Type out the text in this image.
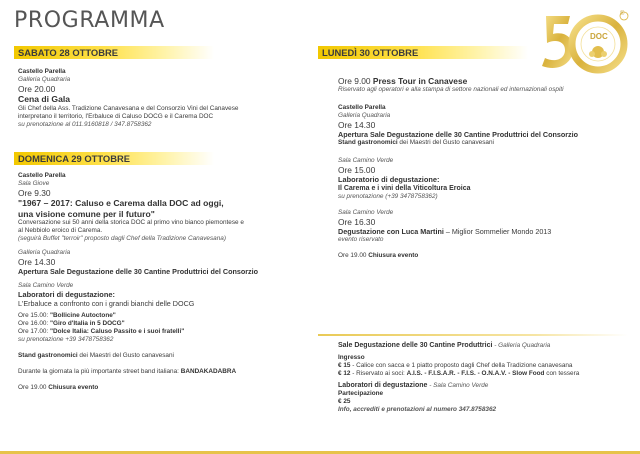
PROGRAMMA
DOC
®
SABATO 28 OTTOBRE
Castello Parella
Galleria Quadraria
Ore 20.00
Cena di Gala
Gli Chef della Ass. Tradizione Canavesana e del Consorzio Vini del Canavese
interpretano il territorio, l'Erbaluce di Caluso DOCG e il Carema DOC
su prenotazione al 011.9160818 / 347.8758362
DOMENICA 29 OTTOBRE
Castello Parella
Sala Giove
Ore 9.30
"1967 – 2017: Caluso e Carema dalla DOC ad oggi,
una visione comune per il futuro"
Conversazione sui 50 anni della storica DOC al primo vino bianco piemontese e
al Nebbiolo eroico di Carema.
(seguirà Buffet "terroir" proposto dagli Chef della Tradizione Canavesana)
Galleria Quadraria
Ore 14.30
Apertura Sale Degustazione delle 30 Cantine Produttrici del Consorzio
Sala Camino Verde
Laboratori di degustazione:
L'Erbaluce a confronto con i grandi bianchi delle DOCG
Ore 15.00: "Bollicine Autoctone"
Ore 16.00: "Giro d'Italia in 5 DOCG"
Ore 17.00: "Dolce Italia: Caluso Passito e i suoi fratelli"
su prenotazione +39 3478758362
Stand gastronomici dei Maestri del Gusto canavesani
Durante la giornata la più importante street band italiana: BANDAKADABRA
Ore 19.00 Chiusura evento
LUNEDÌ 30 OTTOBRE
Ore 9.00 Press Tour in Canavese
Riservato agli operatori e alla stampa di settore nazionali ed internazionali ospiti
Castello Parella
Galleria Quadraria
Ore 14.30
Apertura Sale Degustazione delle 30 Cantine Produttrici del Consorzio
Stand gastronomici dei Maestri del Gusto canavesani
Sala Camino Verde
Ore 15.00
Laboratorio di degustazione:
Il Carema e i vini della Viticoltura Eroica
su prenotazione (+39 3478758362)
Sala Camino Verde
Ore 16.30
Degustazione con Luca Martini – Miglior Sommelier Mondo 2013
evento riservato
Ore 19.00 Chiusura evento
Sale Degustazione delle 30 Cantine Produttrici - Galleria Quadraria
Ingresso
€ 15 - Calice con sacca e 1 piatto proposto dagli Chef della Tradizione canavesana
€ 12 - Riservato ai soci: A.I.S. - F.I.S.A.R. - F.I.S. - O.N.A.V. - Slow Food con tessera
Laboratori di degustazione - Sala Camino Verde
Partecipazione
€ 25
Info, accrediti e prenotazioni al numero 347.8758362
